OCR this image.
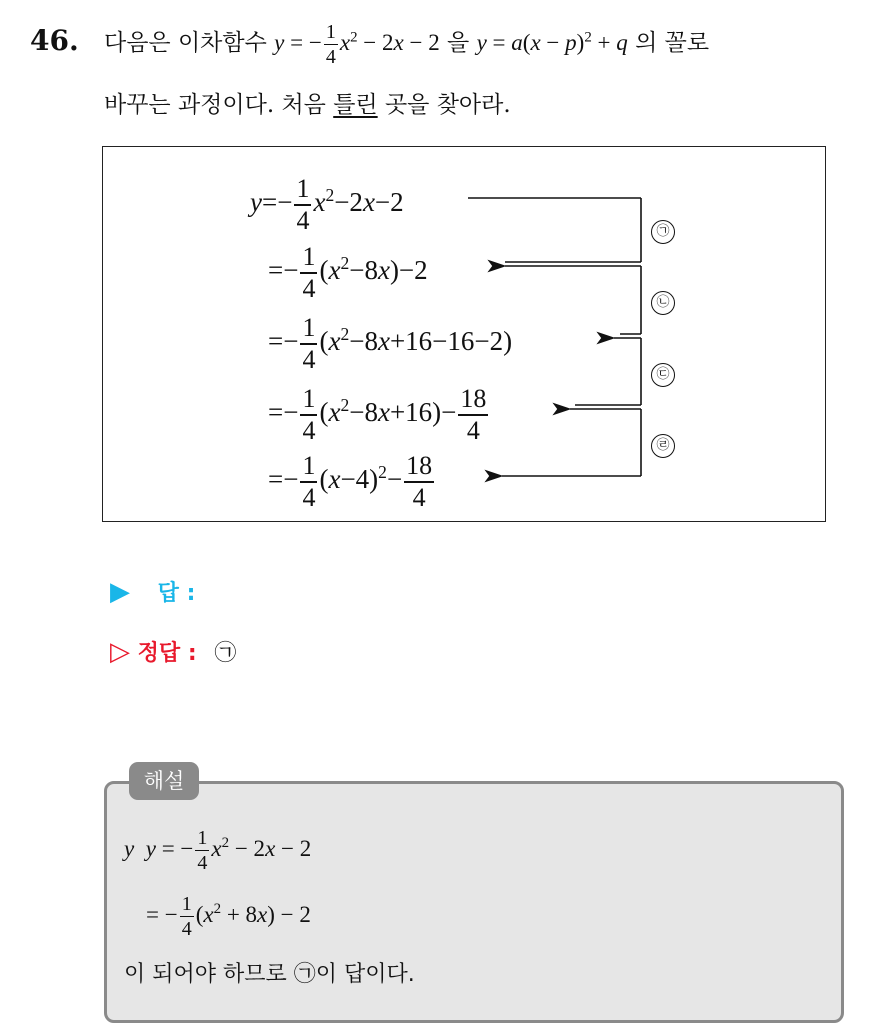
46. 다음은 이차함수 y = − $\frac{1}{4} x^2 - 2x - 2$ 을 $y = a(x - p)^2 + q$ 의 꼴로
바꾸는 과정이다. 처음 틀린 곳을 찾아라.
$y=- \frac{1}{4} x^2-2x-2$
=− $\frac{1}{4} (x^2-8x)-2$
=− $\frac{1}{4} (x^2-8x+16-16-2)$
=− $\frac{1}{4} (x^2-8x+16)- \frac{18}{4}$
=− $\frac{1}{4} (x-4)^2- \frac{18}{4}$
㉠
㉡
㉢
㉣
▶ 답 :
▷ 정답 : ㉠
해설
y y = − $\frac{1}{4} x^2 - 2x - 2$
= − $\frac{1}{4} (x^2 + 8x) - 2$
이 되어야 하므로 ㉠이 답이다.
